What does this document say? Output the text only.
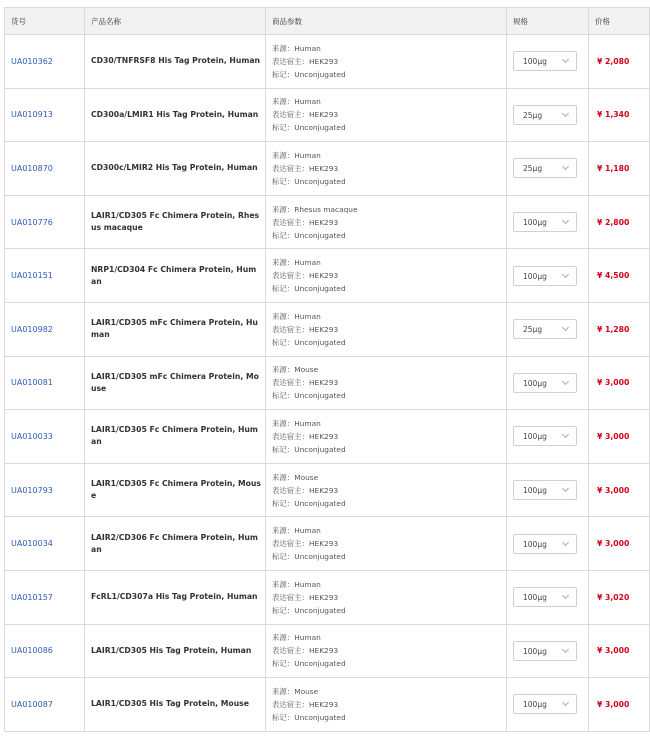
货号	产品名称	商品参数	规格	价格
UA010362	CD30/TNFRSF8 His Tag Protein, Human	来源：Human
表达宿主：HEK293
标记：Unconjugated	100μg	¥ 2,080
UA010913	CD300a/LMIR1 His Tag Protein, Human	来源：Human
表达宿主：HEK293
标记：Unconjugated	25μg	¥ 1,340
UA010870	CD300c/LMIR2 His Tag Protein, Human	来源：Human
表达宿主：HEK293
标记：Unconjugated	25μg	¥ 1,180
UA010776	LAIR1/CD305 Fc Chimera Protein, Rhesus macaque	来源：Rhesus macaque
表达宿主：HEK293
标记：Unconjugated	100μg	¥ 2,800
UA010151	NRP1/CD304 Fc Chimera Protein, Human	来源：Human
表达宿主：HEK293
标记：Unconjugated	100μg	¥ 4,500
UA010982	LAIR1/CD305 mFc Chimera Protein, Human	来源：Human
表达宿主：HEK293
标记：Unconjugated	25μg	¥ 1,280
UA010081	LAIR1/CD305 mFc Chimera Protein, Mouse	来源：Mouse
表达宿主：HEK293
标记：Unconjugated	100μg	¥ 3,000
UA010033	LAIR1/CD305 Fc Chimera Protein, Human	来源：Human
表达宿主：HEK293
标记：Unconjugated	100μg	¥ 3,000
UA010793	LAIR1/CD305 Fc Chimera Protein, Mouse	来源：Mouse
表达宿主：HEK293
标记：Unconjugated	100μg	¥ 3,000
UA010034	LAIR2/CD306 Fc Chimera Protein, Human	来源：Human
表达宿主：HEK293
标记：Unconjugated	100μg	¥ 3,000
UA010157	FcRL1/CD307a His Tag Protein, Human	来源：Human
表达宿主：HEK293
标记：Unconjugated	100μg	¥ 3,020
UA010086	LAIR1/CD305 His Tag Protein, Human	来源：Human
表达宿主：HEK293
标记：Unconjugated	100μg	¥ 3,000
UA010087	LAIR1/CD305 His Tag Protein, Mouse	来源：Mouse
表达宿主：HEK293
标记：Unconjugated	100μg	¥ 3,000
